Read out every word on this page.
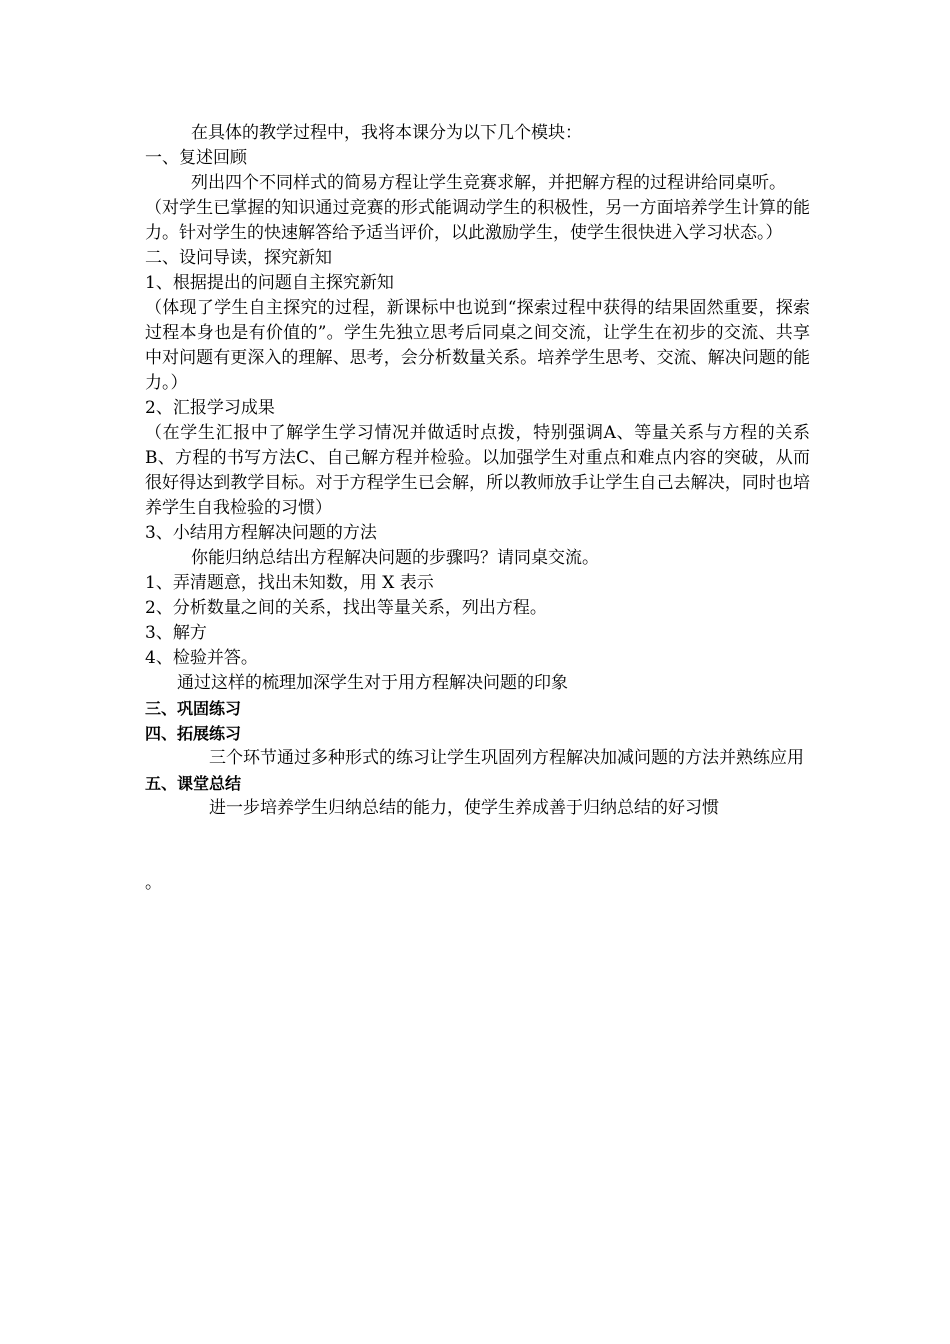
在具体的教学过程中，我将本课分为以下几个模块：

一、复述回顾

列出四个不同样式的简易方程让学生竞赛求解，并把解方程的过程讲给同桌听。

（对学生已掌握的知识通过竞赛的形式能调动学生的积极性，另一方面培养学生计算的能力。针对学生的快速解答给予适当评价，以此激励学生，使学生很快进入学习状态。）

二、设问导读，探究新知

1、根据提出的问题自主探究新知

（体现了学生自主探究的过程，新课标中也说到“探索过程中获得的结果固然重要，探索过程本身也是有价值的”。学生先独立思考后同桌之间交流，让学生在初步的交流、共享中对问题有更深入的理解、思考，会分析数量关系。培养学生思考、交流、解决问题的能力。）

2、汇报学习成果

（在学生汇报中了解学生学习情况并做适时点拨，特别强调A、等量关系与方程的关系B、方程的书写方法C、自己解方程并检验。以加强学生对重点和难点内容的突破，从而很好得达到教学目标。对于方程学生已会解，所以教师放手让学生自己去解决，同时也培养学生自我检验的习惯）

3、小结用方程解决问题的方法

你能归纳总结出方程解决问题的步骤吗？请同桌交流。

1、弄清题意，找出未知数，用 X 表示

2、分析数量之间的关系，找出等量关系，列出方程。

3、解方

4、检验并答。

通过这样的梳理加深学生对于用方程解决问题的印象

三、巩固练习

四、拓展练习

三个环节通过多种形式的练习让学生巩固列方程解决加减问题的方法并熟练应用

五、课堂总结

进一步培养学生归纳总结的能力，使学生养成善于归纳总结的好习惯

。
